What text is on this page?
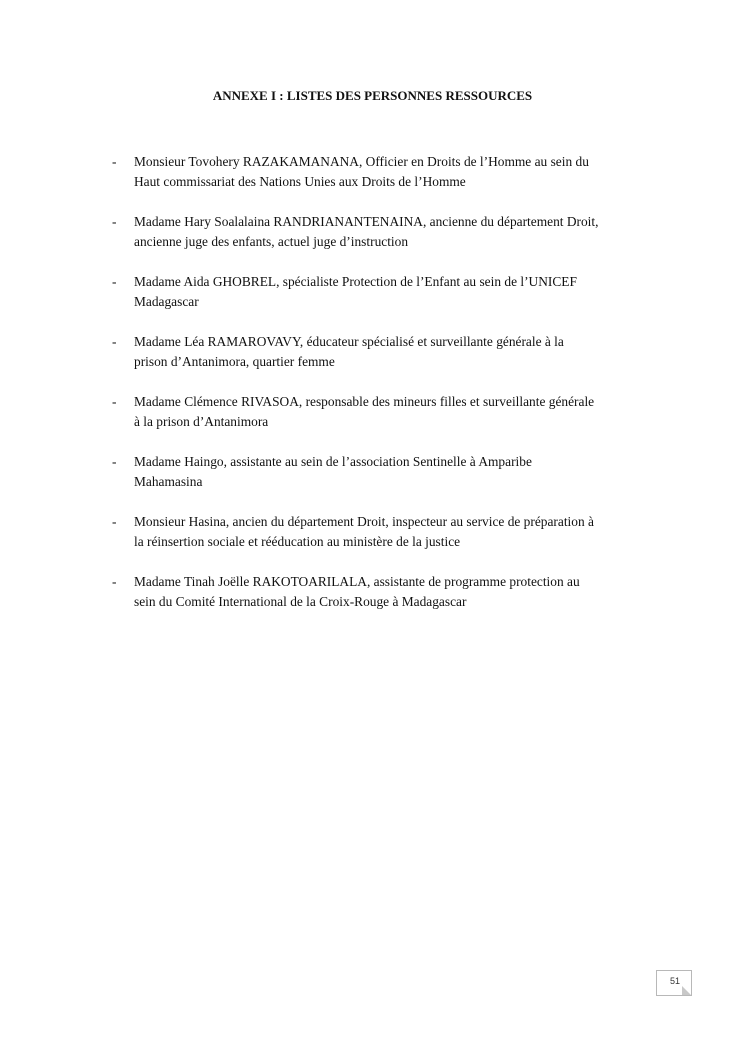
ANNEXE I : LISTES DES PERSONNES RESSOURCES
- Monsieur Tovohery RAZAKAMANANA, Officier en Droits de l’Homme au sein du
Haut commissariat des Nations Unies aux Droits de l’Homme
- Madame Hary Soalalaina RANDRIANANTENAINA, ancienne du département Droit,
ancienne juge des enfants, actuel juge d’instruction
- Madame Aida GHOBREL, spécialiste Protection de l’Enfant au sein de l’UNICEF
Madagascar
- Madame Léa RAMAROVAVY, éducateur spécialisé et surveillante générale à la
prison d’Antanimora, quartier femme
- Madame Clémence RIVASOA, responsable des mineurs filles et surveillante générale
à la prison d’Antanimora
- Madame Haingo, assistante au sein de l’association Sentinelle à Amparibe
Mahamasina
- Monsieur Hasina, ancien du département Droit, inspecteur au service de préparation à
la réinsertion sociale et rééducation au ministère de la justice
- Madame Tinah Joëlle RAKOTOARILALA, assistante de programme protection au
sein du Comité International de la Croix-Rouge à Madagascar
51
